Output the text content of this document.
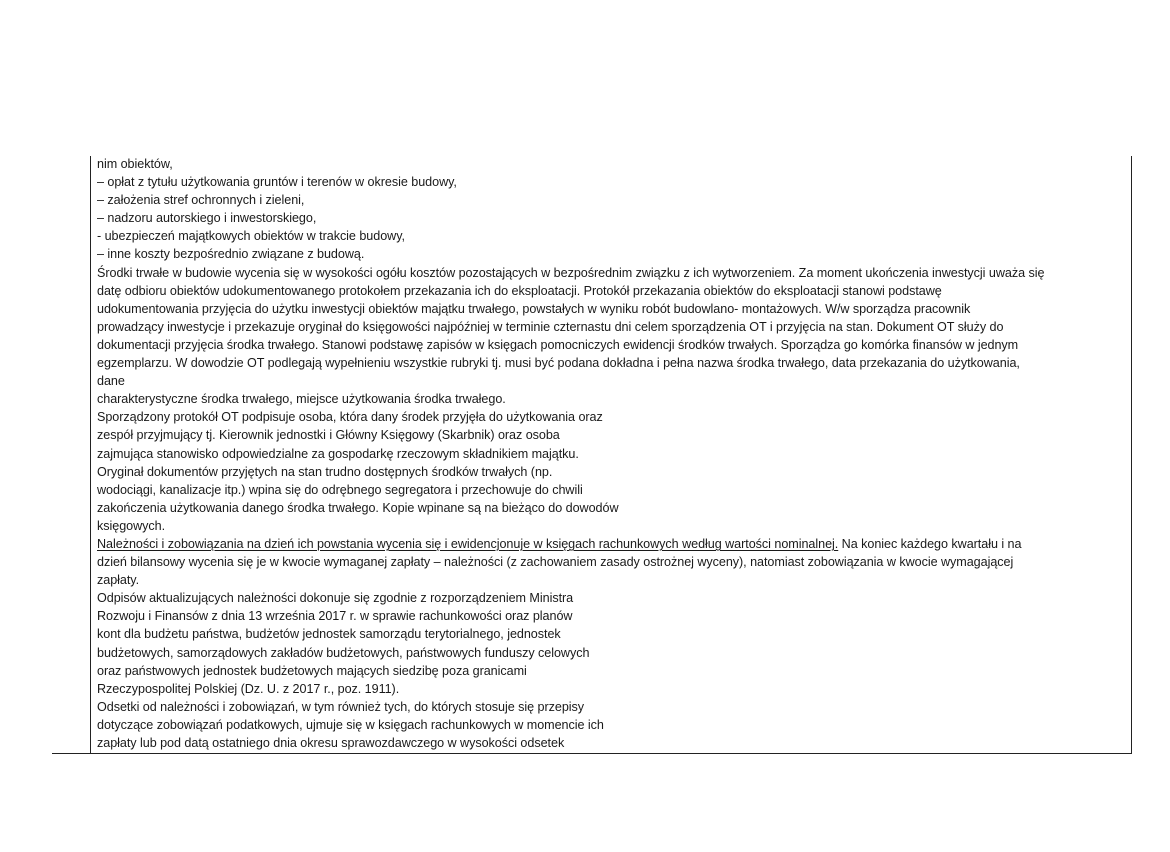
nim obiektów,
– opłat z tytułu użytkowania gruntów i terenów w okresie budowy,
– założenia stref ochronnych i zieleni,
– nadzoru autorskiego i inwestorskiego,
- ubezpieczeń majątkowych obiektów w trakcie budowy,
– inne koszty bezpośrednio związane z budową.
Środki trwałe w budowie wycenia się w wysokości ogółu kosztów pozostających w bezpośrednim związku z ich wytworzeniem. Za moment ukończenia inwestycji uważa się
datę odbioru obiektów udokumentowanego protokołem przekazania ich do eksploatacji. Protokół przekazania obiektów do eksploatacji stanowi podstawę
udokumentowania przyjęcia do użytku inwestycji obiektów majątku trwałego, powstałych w wyniku robót budowlano- montażowych. W/w sporządza pracownik
prowadzący inwestycje i przekazuje oryginał do księgowości najpóźniej w terminie czternastu dni celem sporządzenia OT i przyjęcia na stan. Dokument OT służy do
dokumentacji przyjęcia środka trwałego. Stanowi podstawę zapisów w księgach pomocniczych ewidencji środków trwałych. Sporządza go komórka finansów w jednym
egzemplarzu. W dowodzie OT podlegają wypełnieniu wszystkie rubryki tj. musi być podana dokładna i pełna nazwa środka trwałego, data przekazania do użytkowania,
dane
charakterystyczne środka trwałego, miejsce użytkowania środka trwałego.
Sporządzony protokół OT podpisuje osoba, która dany środek przyjęła do użytkowania oraz
zespół przyjmujący tj. Kierownik jednostki i Główny Księgowy (Skarbnik) oraz osoba
zajmująca stanowisko odpowiedzialne za gospodarkę rzeczowym składnikiem majątku.
Oryginał dokumentów przyjętych na stan trudno dostępnych środków trwałych (np.
wodociągi, kanalizacje itp.) wpina się do odrębnego segregatora i przechowuje do chwili
zakończenia użytkowania danego środka trwałego. Kopie wpinane są na bieżąco do dowodów
księgowych.
Należności i zobowiązania na dzień ich powstania wycenia się i ewidencjonuje w księgach rachunkowych według wartości nominalnej. Na koniec każdego kwartału i na
dzień bilansowy wycenia się je w kwocie wymaganej zapłaty – należności (z zachowaniem zasady ostrożnej wyceny), natomiast zobowiązania w kwocie wymagającej
zapłaty.
Odpisów aktualizujących należności dokonuje się zgodnie z rozporządzeniem Ministra
Rozwoju i Finansów z dnia 13 września 2017 r. w sprawie rachunkowości oraz planów
kont dla budżetu państwa, budżetów jednostek samorządu terytorialnego, jednostek
budżetowych, samorządowych zakładów budżetowych, państwowych funduszy celowych
oraz państwowych jednostek budżetowych mających siedzibę poza granicami
Rzeczypospolitej Polskiej (Dz. U. z 2017 r., poz. 1911).
Odsetki od należności i zobowiązań, w tym również tych, do których stosuje się przepisy
dotyczące zobowiązań podatkowych, ujmuje się w księgach rachunkowych w momencie ich
zapłaty lub pod datą ostatniego dnia okresu sprawozdawczego w wysokości odsetek
